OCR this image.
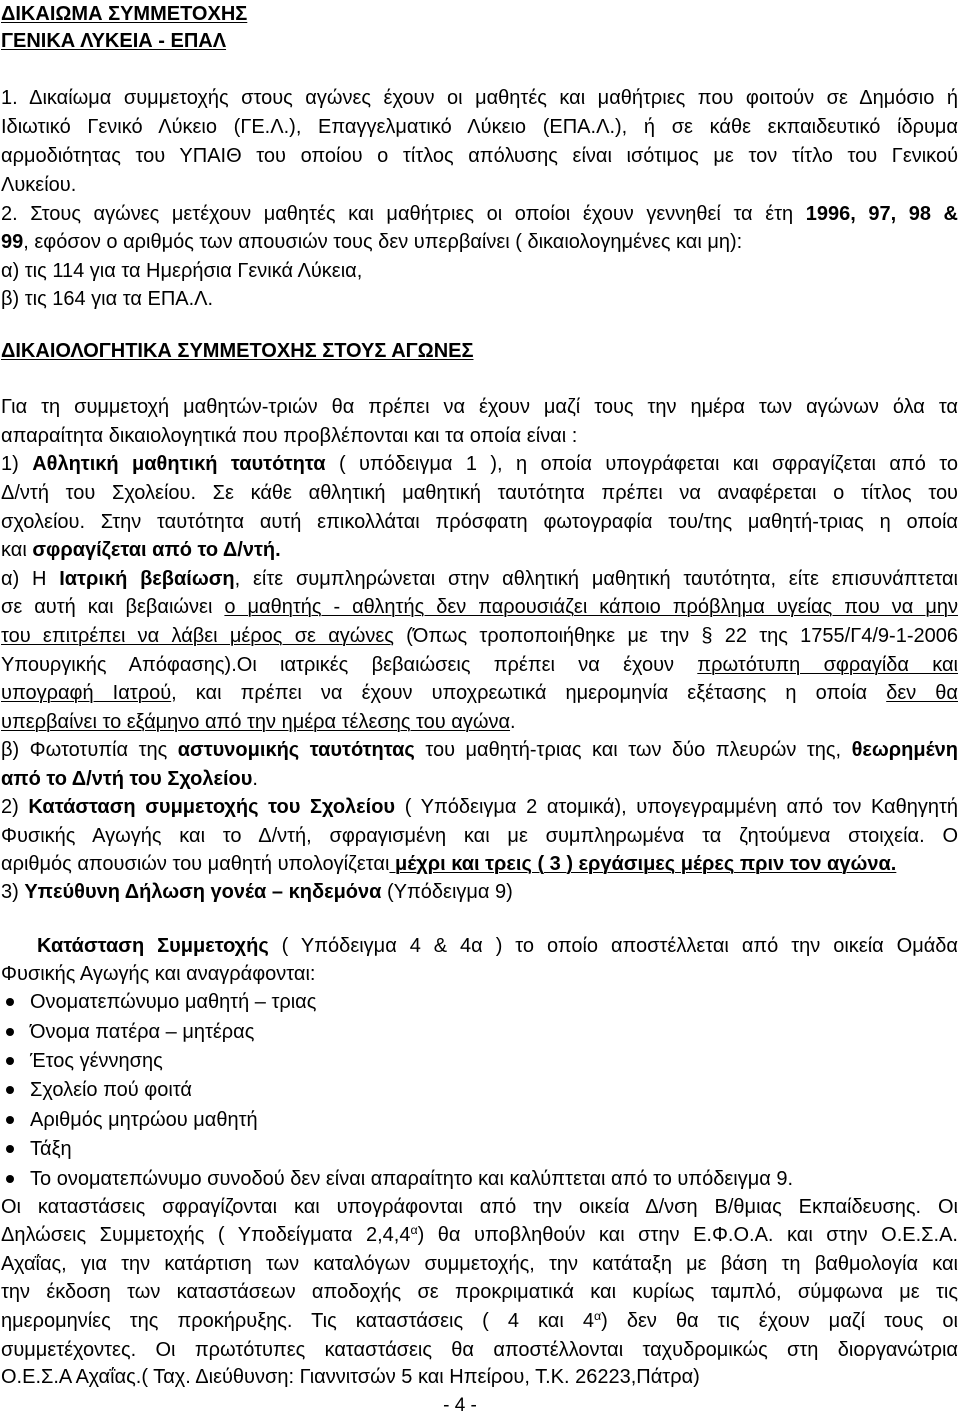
ΔΙΚΑΙΩΜΑ ΣΥΜΜΕΤΟΧΗΣ
ΓΕΝΙΚΑ ΛΥΚΕΙΑ - ΕΠΑΛ
1. Δικαίωμα συμμετοχής στους αγώνες έχουν οι μαθητές και μαθήτριες που φοιτούν σε Δημόσιο ή
Ιδιωτικό Γενικό Λύκειο (ΓΕ.Λ.), Επαγγελματικό Λύκειο (ΕΠΑ.Λ.), ή σε κάθε εκπαιδευτικό ίδρυμα
αρμοδιότητας του ΥΠΑΙΘ του οποίου ο τίτλος απόλυσης είναι ισότιμος με τον τίτλο του Γενικού
Λυκείου.
2. Στους αγώνες μετέχουν μαθητές και μαθήτριες οι οποίοι έχουν γεννηθεί τα έτη 1996, 97, 98 &
99, εφόσον ο αριθμός των απουσιών τους δεν υπερβαίνει ( δικαιολογημένες και μη):
α) τις 114 για τα Ημερήσια Γενικά Λύκεια,
β) τις 164 για τα ΕΠΑ.Λ.
ΔΙΚΑΙΟΛΟΓΗΤΙΚΑ ΣΥΜΜΕΤΟΧΗΣ ΣΤΟΥΣ ΑΓΩΝΕΣ
Για τη συμμετοχή μαθητών-τριών θα πρέπει να έχουν μαζί τους την ημέρα των αγώνων όλα τα
απαραίτητα δικαιολογητικά που προβλέπονται και τα οποία είναι :
1) Αθλητική μαθητική ταυτότητα ( υπόδειγμα 1 ), η οποία υπογράφεται και σφραγίζεται από το
Δ/ντή του Σχολείου. Σε κάθε αθλητική μαθητική ταυτότητα πρέπει να αναφέρεται ο τίτλος του
σχολείου. Στην ταυτότητα αυτή επικολλάται πρόσφατη φωτογραφία του/της μαθητή-τριας η οποία
και σφραγίζεται από το Δ/ντή.
α) Η Ιατρική βεβαίωση, είτε συμπληρώνεται στην αθλητική μαθητική ταυτότητα, είτε επισυνάπτεται
σε αυτή και βεβαιώνει ο μαθητής - αθλητής δεν παρουσιάζει κάποιο πρόβλημα υγείας που να μην
του επιτρέπει να λάβει μέρος σε αγώνες (Όπως τροποποιήθηκε με την § 22 της 1755/Γ4/9-1-2006
Υπουργικής Απόφασης).Οι ιατρικές βεβαιώσεις πρέπει να έχουν πρωτότυπη σφραγίδα και
υπογραφή Ιατρού, και πρέπει να έχουν υποχρεωτικά ημερομηνία εξέτασης η οποία δεν θα
υπερβαίνει το εξάμηνο από την ημέρα τέλεσης του αγώνα.
β) Φωτοτυπία της αστυνομικής ταυτότητας του μαθητή-τριας και των δύο πλευρών της, θεωρημένη
από το Δ/ντή του Σχολείου.
2) Κατάσταση συμμετοχής του Σχολείου ( Υπόδειγμα 2 ατομικά), υπογεγραμμένη από τον Καθηγητή
Φυσικής Αγωγής και το Δ/ντή, σφραγισμένη και με συμπληρωμένα τα ζητούμενα στοιχεία. Ο
αριθμός απουσιών του μαθητή υπολογίζεται μέχρι και τρεις ( 3 ) εργάσιμες μέρες πριν τον αγώνα.
3) Υπεύθυνη Δήλωση γονέα – κηδεμόνα (Υπόδειγμα 9)
Κατάσταση Συμμετοχής ( Υπόδειγμα 4 & 4α ) το οποίο αποστέλλεται από την οικεία Ομάδα
Φυσικής Αγωγής και αναγράφονται:
Ονοματεπώνυμο μαθητή – τριας
Όνομα πατέρα – μητέρας
Έτος γέννησης
Σχολείο πού φοιτά
Αριθμός μητρώου μαθητή
Τάξη
Το ονοματεπώνυμο συνοδού δεν είναι απαραίτητο και καλύπτεται από το υπόδειγμα 9.
Οι καταστάσεις σφραγίζονται και υπογράφονται από την οικεία Δ/νση Β/θμιας Εκπαίδευσης. Οι
Δηλώσεις Συμμετοχής ( Υποδείγματα $2,4,4^\alpha$) θα υποβληθούν και στην Ε.Φ.Ο.Α. και στην Ο.Ε.Σ.Α.
Αχαΐας, για την κατάρτιση των καταλόγων συμμετοχής, την κατάταξη με βάση τη βαθμολογία και
την έκδοση των καταστάσεων αποδοχής σε προκριματικά και κυρίως ταμπλό, σύμφωνα με τις
ημερομηνίες της προκήρυξης. Τις καταστάσεις ( 4 και $4^\alpha$) δεν θα τις έχουν μαζί τους οι
συμμετέχοντες. Οι πρωτότυπες καταστάσεις θα αποστέλλονται ταχυδρομικώς στη διοργανώτρια
Ο.Ε.Σ.Α Αχαΐας.( Ταχ. Διεύθυνση: Γιαννιτσών 5 και Ηπείρου, Τ.Κ. 26223,Πάτρα)
- 4 -
